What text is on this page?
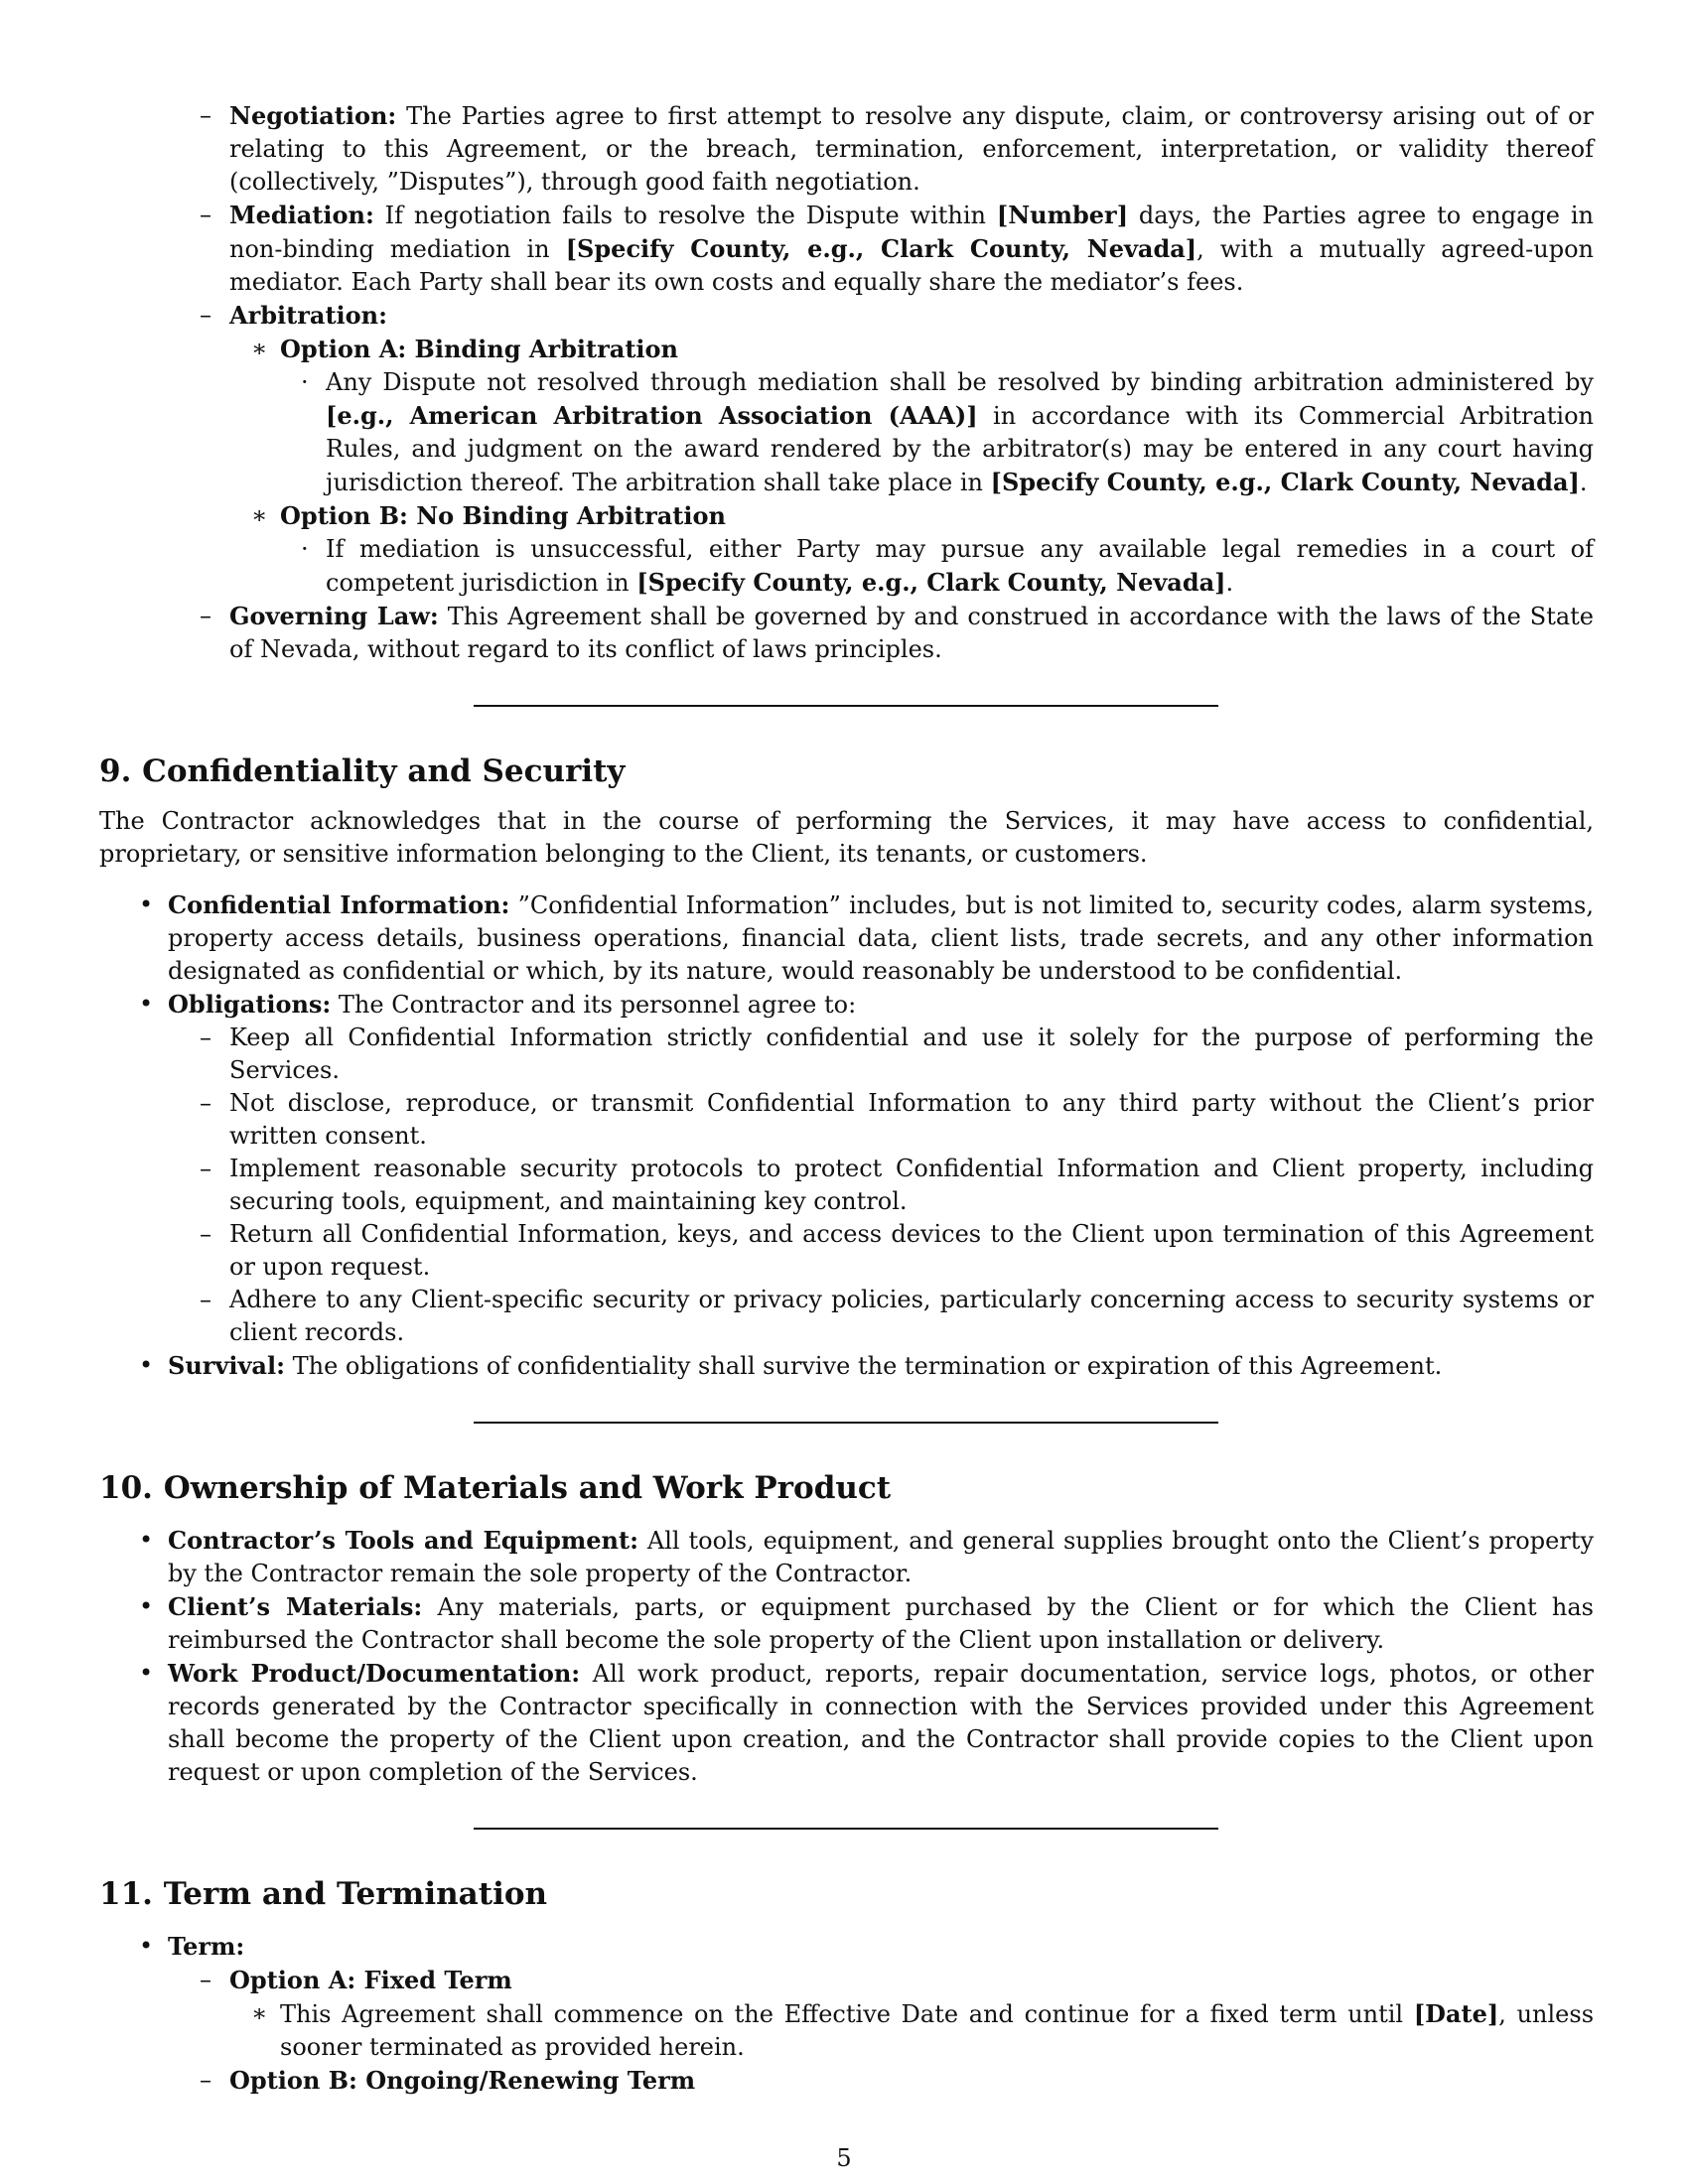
– Negotiation: The Parties agree to first attempt to resolve any dispute, claim, or controversy arising out of or relating to this Agreement, or the breach, termination, enforcement, interpretation, or validity thereof (collectively, ”Disputes”), through good faith negotiation.
– Mediation: If negotiation fails to resolve the Dispute within [Number] days, the Parties agree to engage in non-binding mediation in [Specify County, e.g., Clark County, Nevada], with a mutually agreed-upon mediator. Each Party shall bear its own costs and equally share the mediator’s fees.
– Arbitration:
∗ Option A: Binding Arbitration
· Any Dispute not resolved through mediation shall be resolved by binding arbitration administered by [e.g., American Arbitration Association (AAA)] in accordance with its Commercial Arbitration Rules, and judgment on the award rendered by the arbitrator(s) may be entered in any court having jurisdiction thereof. The arbitration shall take place in [Specify County, e.g., Clark County, Nevada].
∗ Option B: No Binding Arbitration
· If mediation is unsuccessful, either Party may pursue any available legal remedies in a court of competent jurisdiction in [Specify County, e.g., Clark County, Nevada].
– Governing Law: This Agreement shall be governed by and construed in accordance with the laws of the State of Nevada, without regard to its conflict of laws principles.
9. Confidentiality and Security

The Contractor acknowledges that in the course of performing the Services, it may have access to confidential, proprietary, or sensitive information belonging to the Client, its tenants, or customers.

• Confidential Information: ”Confidential Information” includes, but is not limited to, security codes, alarm systems, property access details, business operations, financial data, client lists, trade secrets, and any other information designated as confidential or which, by its nature, would reasonably be understood to be confidential.
• Obligations: The Contractor and its personnel agree to:
– Keep all Confidential Information strictly confidential and use it solely for the purpose of performing the Services.
– Not disclose, reproduce, or transmit Confidential Information to any third party without the Client’s prior written consent.
– Implement reasonable security protocols to protect Confidential Information and Client property, including securing tools, equipment, and maintaining key control.
– Return all Confidential Information, keys, and access devices to the Client upon termination of this Agreement or upon request.
– Adhere to any Client-specific security or privacy policies, particularly concerning access to security systems or client records.
• Survival: The obligations of confidentiality shall survive the termination or expiration of this Agreement.
10. Ownership of Materials and Work Product
• Contractor’s Tools and Equipment: All tools, equipment, and general supplies brought onto the Client’s property by the Contractor remain the sole property of the Contractor.
• Client’s Materials: Any materials, parts, or equipment purchased by the Client or for which the Client has reimbursed the Contractor shall become the sole property of the Client upon installation or delivery.
• Work Product/Documentation: All work product, reports, repair documentation, service logs, photos, or other records generated by the Contractor specifically in connection with the Services provided under this Agreement shall become the property of the Client upon creation, and the Contractor shall provide copies to the Client upon request or upon completion of the Services.
11. Term and Termination
• Term:
– Option A: Fixed Term
∗ This Agreement shall commence on the Effective Date and continue for a fixed term until [Date], unless sooner terminated as provided herein.
– Option B: Ongoing/Renewing Term
5
